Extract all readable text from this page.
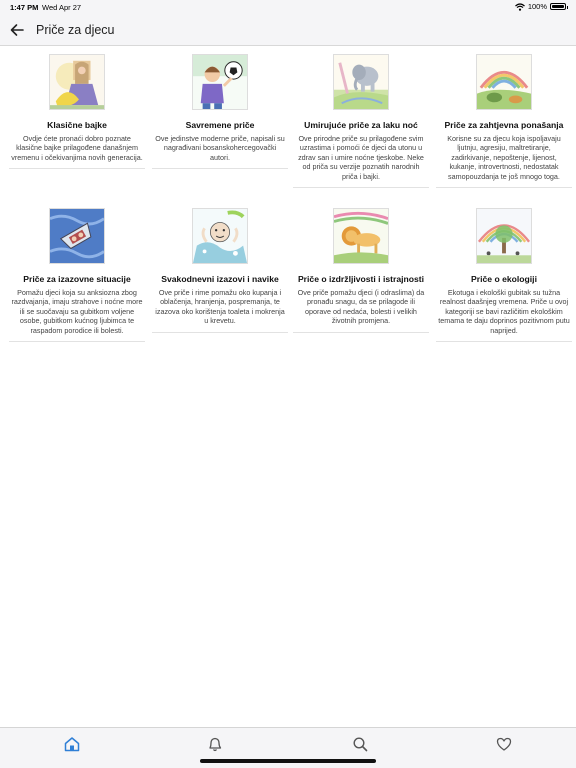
1:47 PM Wed Apr 27	100%
Priče za djecu
Klasične bajke
Ovdje ćete pronaći dobro poznate klasične bajke prilagođene današnjem vremenu i očekivanjima novih generacija.
Savremene priče
Ove jedinstve moderne priče, napisali su nagrađivani bosanskohercegovački autori.
Umirujuće priče za laku noć
Ove prirodne priče su prilagođene svim uzrastima i pomoći će djeci da utonu u zdrav san i umire noćne tjeskobe. Neke od priča su verzije poznatih narodnih priča i bajki.
Priče za zahtjevna ponašanja
Korisne su za djecu koja ispoljavaju ljutnju, agresiju, maltretiranje, zadirkivanje, nepoštenje, lijenost, kukanje, introvertnosti, nedostatak samopouzdanja te još mnogo toga.
Priče za izazovne situacije
Pomažu djeci koja su anksiozna zbog razdvajanja, imaju strahove i noćne more ili se suočavaju sa gubitkom voljene osobe, gubitkom kućnog ljubimca te raspadom porodice ili bolesti.
Svakodnevni izazovi i navike
Ove priče i rime pomažu oko kupanja i oblačenja, hranjenja, pospremanja, te izazova oko korištenja toaleta i mokrenja u krevetu.
Priče o izdržljivosti i istrajnosti
Ove priče pomažu djeci (i odraslima) da pronađu snagu, da se prilagode ili oporave od nedaća, bolesti i velikih životnih promjena.
Priče o ekologiji
Ekotuga i ekološki gubitak su tužna realnost daašnjeg vremena. Priče u ovoj kategoriji se bavi različitim ekološkim temama te daju doprinos pozitivnom putu naprijed.
